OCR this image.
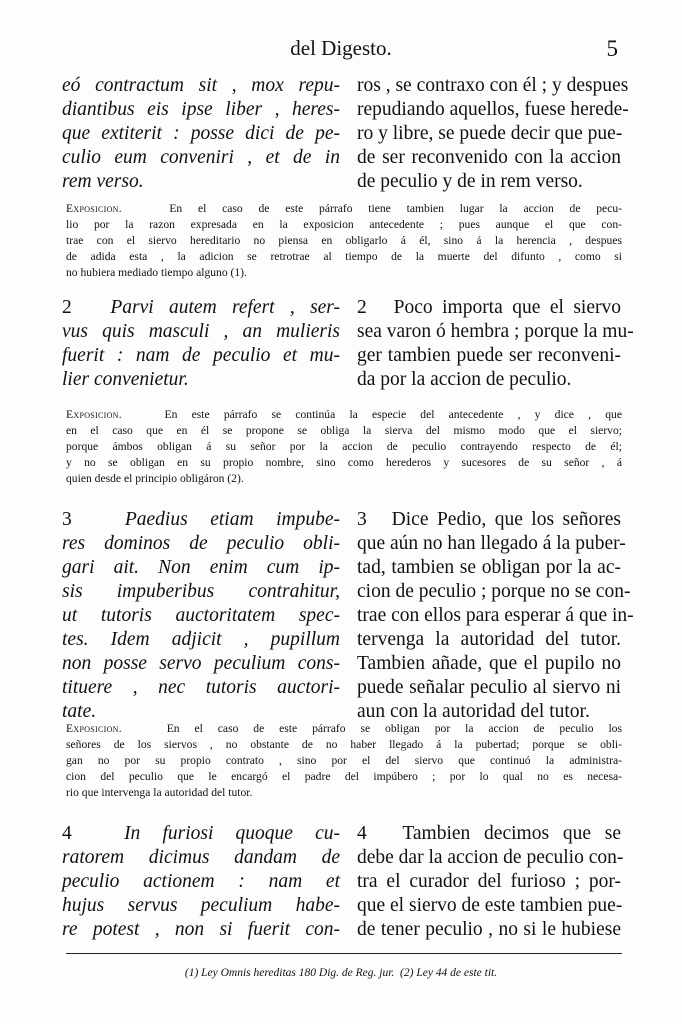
del Digesto.	5
eó contractum sit , mox repu-
diantibus eis ipse liber , heres-
que extiterit : posse dici de pe-
culio eum conveniri , et de in
rem verso.
ros , se contraxo con él ; y despues
repudiando aquellos, fuese herede-
ro y libre, se puede decir que pue-
de ser reconvenido con la accion
de peculio y de in rem verso.
Exposicion.	En el caso de este párrafo tiene tambien lugar la accion de pecu-
lio por la razon expresada en la exposicion antecedente ; pues aunque el que con-
trae con el siervo hereditario no piensa en obligarlo á él, sino á la herencia , despues
de adida esta , la adicion se retrotrae al tiempo de la muerte del difunto , como si
no hubiera mediado tiempo alguno (1).
2 Parvi autem refert , ser-
vus quis masculi , an mulieris
fuerit : nam de peculio et mu-
lier convenietur.
2 Poco importa que el siervo
sea varon ó hembra ; porque la mu-
ger tambien puede ser reconveni-
da por la accion de peculio.
Exposicion.	En este párrafo se continúa la especie del antecedente , y dice , que
en el caso que en él se propone se obliga la sierva del mismo modo que el siervo;
porque ámbos obligan á su señor por la accion de peculio contrayendo respecto de él;
y no se obligan en su propio nombre, sino como herederos y sucesores de su señor , á
quien desde el principio obligáron (2).
3	Paedius etiam impube-
res dominos de peculio obli-
gari ait. Non enim cum ip-
sis impuberibus contrahitur,
ut tutoris auctoritatem spec-
tes. Idem adjicit , pupillum
non posse servo peculium cons-
tituere , nec tutoris auctori-
tate.
3 Dice Pedio, que los señores
que aún no han llegado á la puber-
tad, tambien se obligan por la ac-
cion de peculio ; porque no se con-
trae con ellos para esperar á que in-
tervenga la autoridad del tutor.
Tambien añade, que el pupilo no
puede señalar peculio al siervo ni
aun con la autoridad del tutor.
Exposicion.	En el caso de este párrafo se obligan por la accion de peculio los
señores de los siervos , no obstante de no haber llegado á la pubertad; porque se obli-
gan no por su propio contrato , sino por el del siervo que continuó la administra-
cion del peculio que le encargó el padre del impúbero ; por lo qual no es necesa-
rio que intervenga la autoridad del tutor.
4	In furiosi quoque cu-
ratorem dicimus dandam de
peculio actionem : nam et
hujus servus peculium habe-
re potest , non si fuerit con-
4 Tambien decimos que se
debe dar la accion de peculio con-
tra el curador del furioso ; por-
que el siervo de este tambien pue-
de tener peculio , no si le hubiese
(1) Ley Omnis hereditas 180 Dig. de Reg. jur. (2) Ley 44 de este tit.
